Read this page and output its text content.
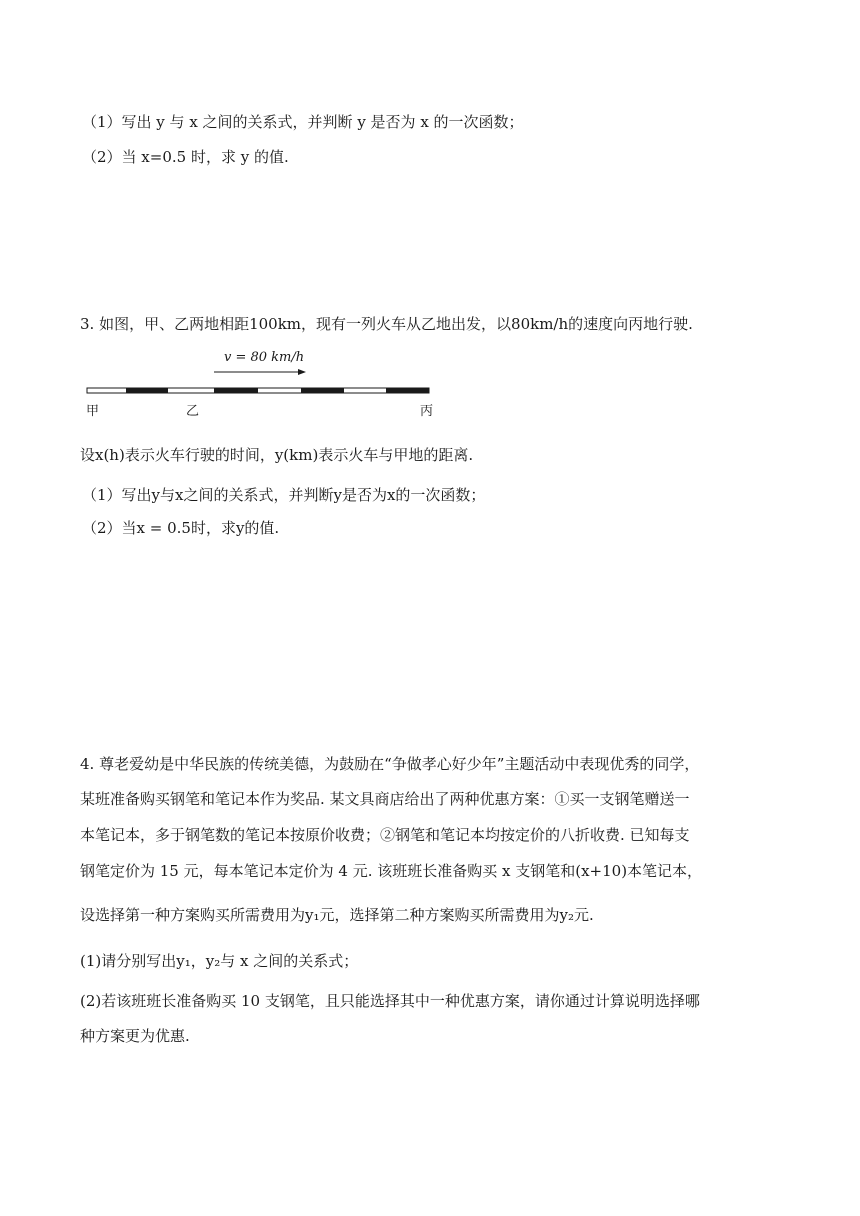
（1）写出 y 与 x 之间的关系式，并判断 y 是否为 x 的一次函数；
（2）当 x=0.5 时，求 y 的值.
3. 如图，甲、乙两地相距100km，现有一列火车从乙地出发，以80km/h的速度向丙地行驶.
v = 80 km/h
甲	乙	丙
设x(h)表示火车行驶的时间，y(km)表示火车与甲地的距离.
（1）写出y与x之间的关系式，并判断y是否为x的一次函数；
（2）当x = 0.5时，求y的值.
4. 尊老爱幼是中华民族的传统美德，为鼓励在“争做孝心好少年”主题活动中表现优秀的同学，
某班准备购买钢笔和笔记本作为奖品. 某文具商店给出了两种优惠方案：①买一支钢笔赠送一
本笔记本，多于钢笔数的笔记本按原价收费；②钢笔和笔记本均按定价的八折收费. 已知每支
钢笔定价为 15 元，每本笔记本定价为 4 元. 该班班长准备购买 x 支钢笔和(x+10)本笔记本，
设选择第一种方案购买所需费用为y₁元，选择第二种方案购买所需费用为y₂元.
(1)请分别写出y₁，y₂与 x 之间的关系式；
(2)若该班班长准备购买 10 支钢笔，且只能选择其中一种优惠方案，请你通过计算说明选择哪
种方案更为优惠.
